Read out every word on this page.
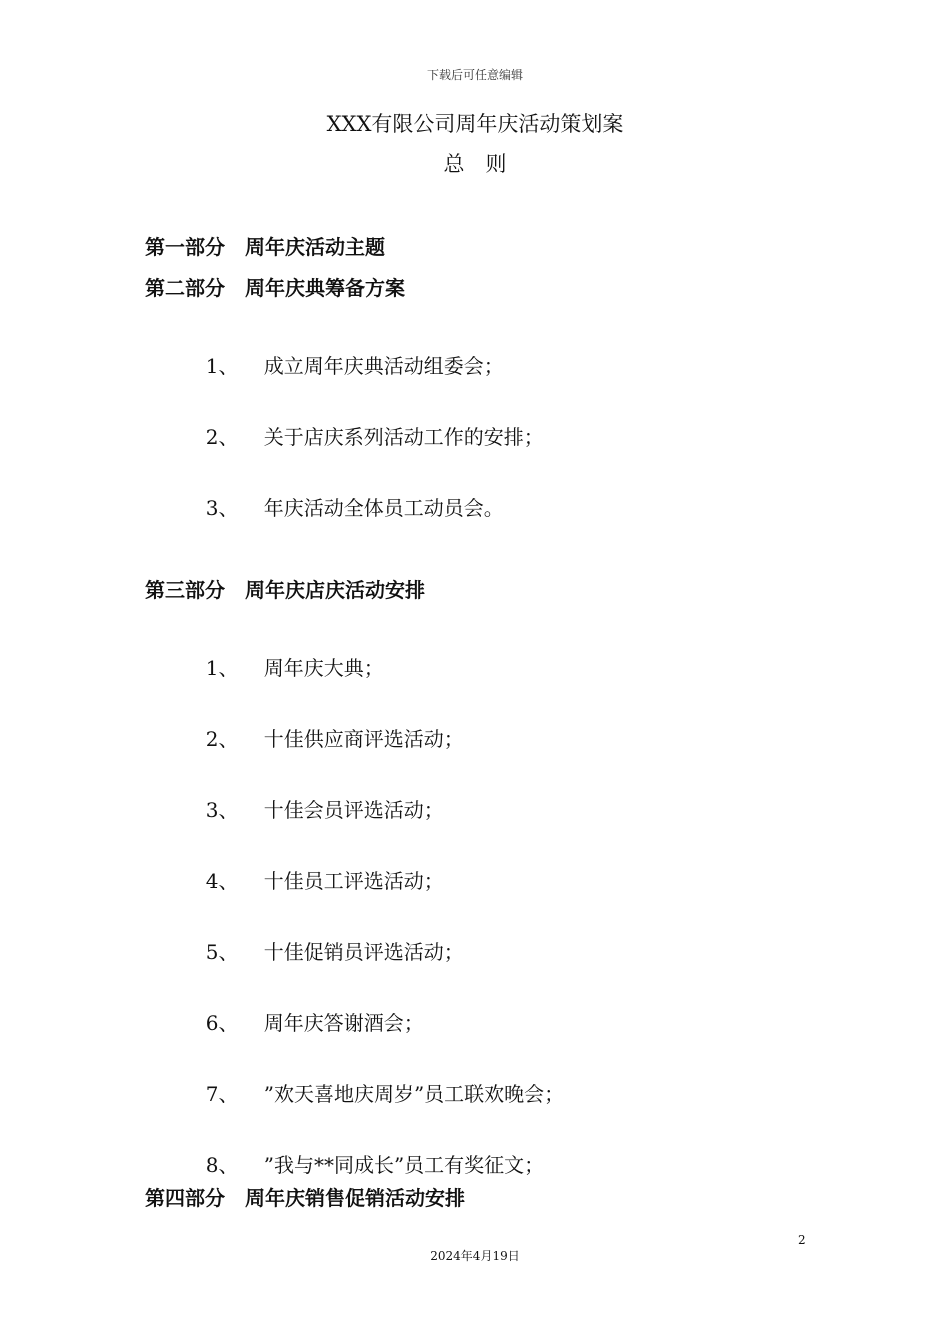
下载后可任意编辑
XXX有限公司周年庆活动策划案
总　则
第一部分　周年庆活动主题
第二部分　周年庆典筹备方案

1、 成立周年庆典活动组委会；

2、 关于店庆系列活动工作的安排；

3、 年庆活动全体员工动员会。

第三部分　周年庆店庆活动安排

1、 周年庆大典；

2、 十佳供应商评选活动；

3、 十佳会员评选活动；

4、 十佳员工评选活动；

5、 十佳促销员评选活动；

6、 周年庆答谢酒会；

7、 ”欢天喜地庆周岁”员工联欢晚会；

8、 ”我与**同成长”员工有奖征文；

第四部分　周年庆销售促销活动安排
2
2024年4月19日
